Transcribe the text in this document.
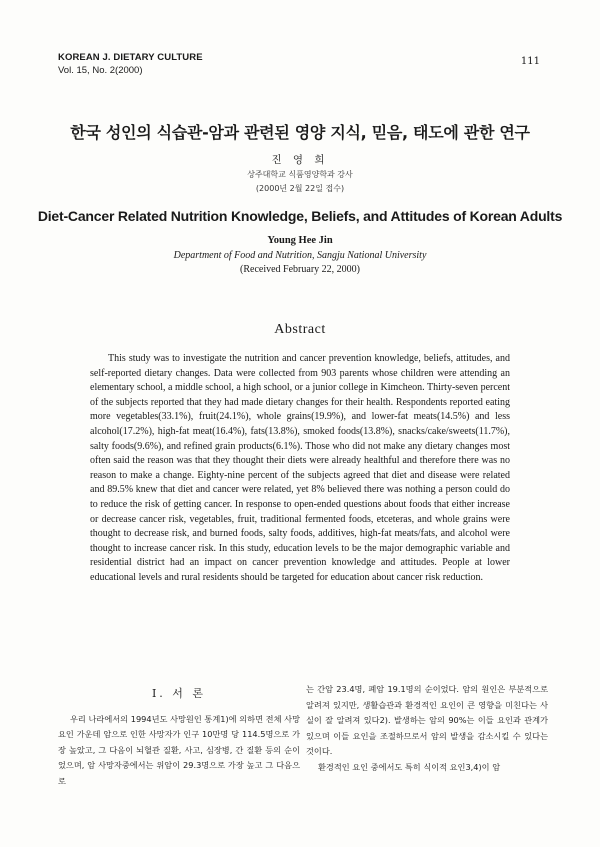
KOREAN J. DIETARY CULTURE
Vol. 15, No. 2(2000)
111
한국 성인의 식습관-암과 관련된 영양 지식, 믿음, 태도에 관한 연구
진 영 희
상주대학교 식품영양학과 강사
(2000년 2월 22일 접수)
Diet-Cancer Related Nutrition Knowledge, Beliefs, and Attitudes of Korean Adults
Young Hee Jin
Department of Food and Nutrition, Sangju National University
(Received February 22, 2000)
Abstract

This study was to investigate the nutrition and cancer prevention knowledge, beliefs, attitudes, and self-reported dietary changes. Data were collected from 903 parents whose children were attending an elementary school, a middle school, a high school, or a junior college in Kimcheon. Thirty-seven percent of the subjects reported that they had made dietary changes for their health. Respondents reported eating more vegetables(33.1%), fruit(24.1%), whole grains(19.9%), and lower-fat meats(14.5%) and less alcohol(17.2%), high-fat meat(16.4%), fats(13.8%), smoked foods(13.8%), snacks/cake/sweets(11.7%), salty foods(9.6%), and refined grain products(6.1%). Those who did not make any dietary changes most often said the reason was that they thought their diets were already healthful and therefore there was no reason to make a change. Eighty-nine percent of the subjects agreed that diet and disease were related and 89.5% knew that diet and cancer were related, yet 8% believed there was nothing a person could do to reduce the risk of getting cancer. In response to open-ended questions about foods that either increase or decrease cancer risk, vegetables, fruit, traditional fermented foods, etceteras, and whole grains were thought to decrease risk, and burned foods, salty foods, additives, high-fat meats/fats, and alcohol were thought to increase cancer risk. In this study, education levels to be the major demographic variable and residential district had an impact on cancer prevention knowledge and attitudes. People at lower educational levels and rural residents should be targeted for education about cancer risk reduction.

I. 서 론

우리 나라에서의 1994년도 사망원인 통계1)에 의하면 전체 사망 요인 가운데 암으로 인한 사망자가 인구 10만명 당 114.5명으로 가장 높았고, 그 다음이 뇌혈관 질환, 사고, 심장병, 간 질환 등의 순이었으며, 암 사망자중에서는 위암이 29.3명으로 가장 높고 그 다음으로

는 간암 23.4명, 폐암 19.1명의 순이었다. 암의 원인은 부분적으로 알려져 있지만, 생활습관과 환경적인 요인이 큰 영향을 미친다는 사실이 잘 알려져 있다2). 발생하는 암의 90%는 이들 요인과 관계가 있으며 이들 요인을 조절하므로서 암의 발생을 감소시킬 수 있다는 것이다.

환경적인 요인 중에서도 특히 식이적 요인3,4)이 암
